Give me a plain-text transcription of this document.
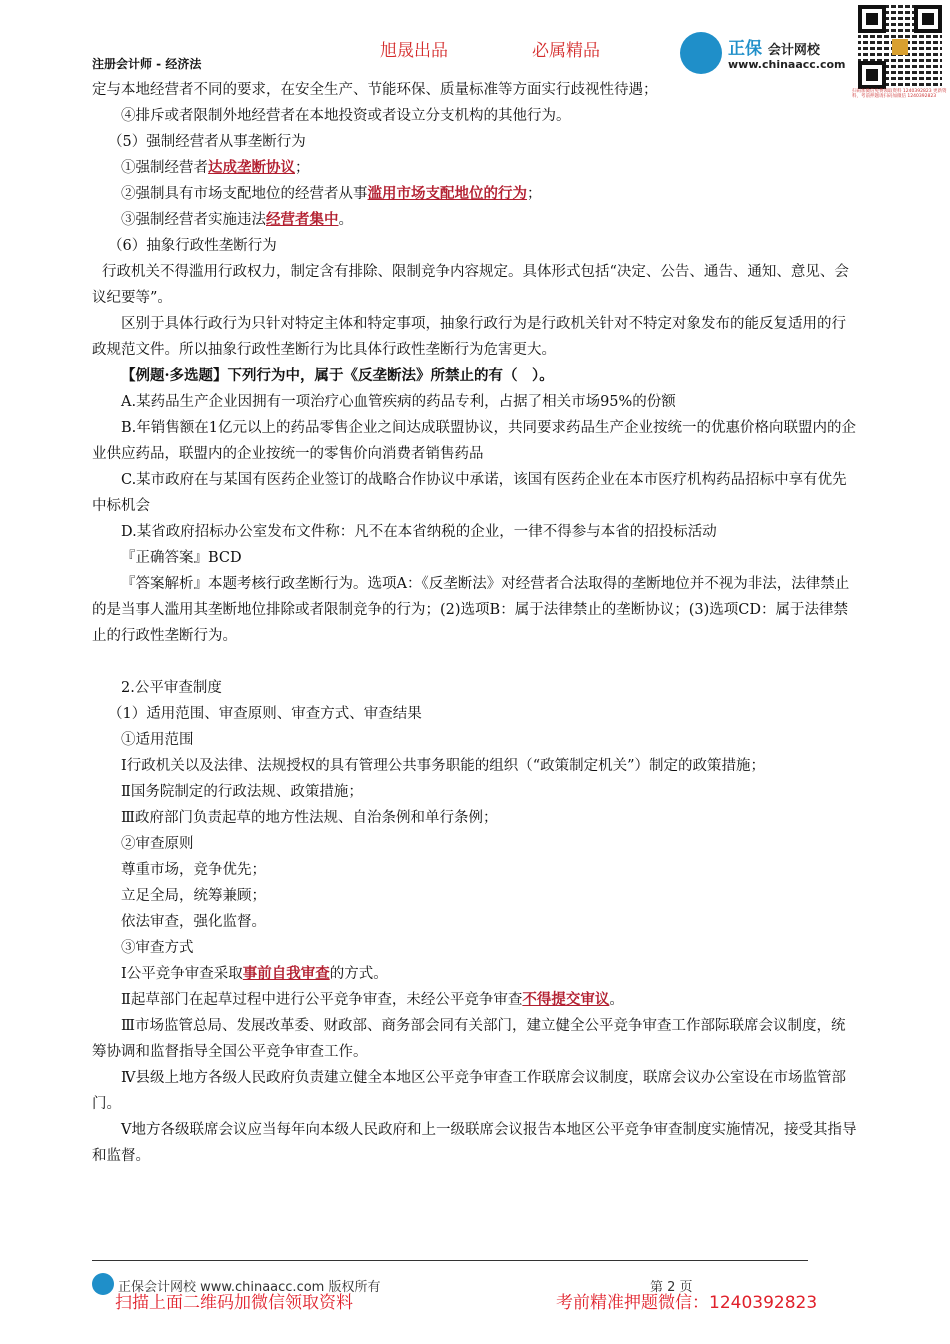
旭晟出品	必属精品
注册会计师 - 经济法
正保 会计网校
www.chinaacc.com
扫码加微信免费领取资料 1240392823 更新资料，考前押题请扫码加微信 1240392823

定与本地经营者不同的要求，在安全生产、节能环保、质量标准等方面实行歧视性待遇；

④排斥或者限制外地经营者在本地投资或者设立分支机构的其他行为。

（5）强制经营者从事垄断行为

①强制经营者达成垄断协议；

②强制具有市场支配地位的经营者从事滥用市场支配地位的行为；

③强制经营者实施违法经营者集中。

（6）抽象行政性垄断行为

行政机关不得滥用行政权力，制定含有排除、限制竞争内容规定。具体形式包括“决定、公告、通告、通知、意见、会议纪要等”。

区别于具体行政行为只针对特定主体和特定事项，抽象行政行为是行政机关针对不特定对象发布的能反复适用的行政规范文件。所以抽象行政性垄断行为比具体行政性垄断行为危害更大。

【例题·多选题】下列行为中，属于《反垄断法》所禁止的有（　）。

A.某药品生产企业因拥有一项治疗心血管疾病的药品专利，占据了相关市场95%的份额

B.年销售额在1亿元以上的药品零售企业之间达成联盟协议，共同要求药品生产企业按统一的优惠价格向联盟内的企业供应药品，联盟内的企业按统一的零售价向消费者销售药品

C.某市政府在与某国有医药企业签订的战略合作协议中承诺，该国有医药企业在本市医疗机构药品招标中享有优先中标机会

D.某省政府招标办公室发布文件称：凡不在本省纳税的企业，一律不得参与本省的招投标活动

『正确答案』BCD

『答案解析』本题考核行政垄断行为。选项A：《反垄断法》对经营者合法取得的垄断地位并不视为非法，法律禁止的是当事人滥用其垄断地位排除或者限制竞争的行为；(2)选项B：属于法律禁止的垄断协议；(3)选项CD：属于法律禁止的行政性垄断行为。

2.公平审查制度

（1）适用范围、审查原则、审查方式、审查结果

①适用范围

Ⅰ行政机关以及法律、法规授权的具有管理公共事务职能的组织（“政策制定机关”）制定的政策措施；

Ⅱ国务院制定的行政法规、政策措施；

Ⅲ政府部门负责起草的地方性法规、自治条例和单行条例；

②审查原则

尊重市场，竞争优先；

立足全局，统筹兼顾；

依法审查，强化监督。

③审查方式

Ⅰ公平竞争审查采取事前自我审查的方式。

Ⅱ起草部门在起草过程中进行公平竞争审查，未经公平竞争审查不得提交审议。

Ⅲ市场监管总局、发展改革委、财政部、商务部会同有关部门，建立健全公平竞争审查工作部际联席会议制度，统筹协调和监督指导全国公平竞争审查工作。

Ⅳ县级上地方各级人民政府负责建立健全本地区公平竞争审查工作联席会议制度，联席会议办公室设在市场监管部门。

Ⅴ地方各级联席会议应当每年向本级人民政府和上一级联席会议报告本地区公平竞争审查制度实施情况，接受其指导和监督。

正保会计网校 www.chinaacc.com 版权所有	第 2 页
扫描上面二维码加微信领取资料	考前精准押题微信：1240392823
